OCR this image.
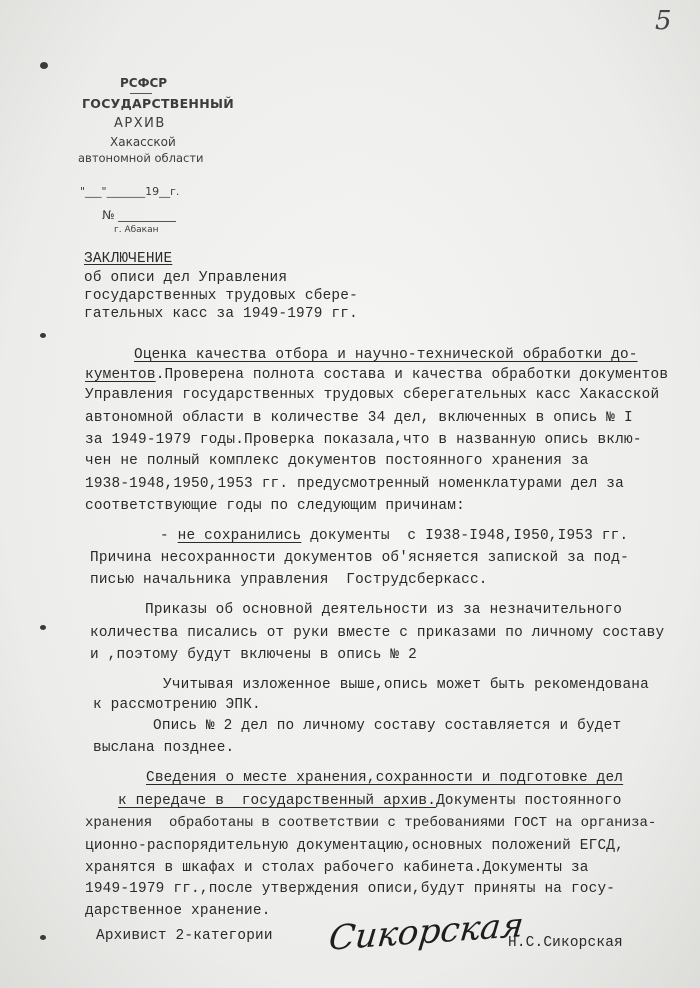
5
РСФСР
ГОСУДАРСТВЕННЫЙ
АРХИВ
Хакасской
автономной области
"___"_______19__г.
№
г. Абакан
ЗАКЛЮЧЕНИЕ
об описи дел Управления
государственных трудовых сбере-
гательных касс за 1949-1979 гг.
Оценка качества отбора и научно-технической обработки до-
кументов.Проверена полнота состава и качества обработки документов
Управления государственных трудовых сберегательных касс Хакасской
автономной области в количестве 34 дел, включенных в опись № I
за 1949-1979 годы.Проверка показала,что в названную опись вклю-
чен не полный комплекс документов постоянного хранения за
1938-1948,1950,1953 гг. предусмотренный номенклатурами дел за
соответствующие годы по следующим причинам:
- не сохранились документы  с I938-I948,I950,I953 гг.
Причина несохранности документов об'ясняется запиской за под-
писью начальника управления  Гострудсберкасс.
Приказы об основной деятельности из за незначительного
количества писались от руки вместе с приказами по личному составу
и ,поэтому будут включены в опись № 2
Учитывая изложенное выше,опись может быть рекомендована
к рассмотрению ЭПК.
Опись № 2 дел по личному составу составляется и будет
выслана позднее.
Сведения о месте хранения,сохранности и подготовке дел
к передаче в  государственный архив.Документы постоянного
хранения  обработаны в соответствии с требованиями ГОСТ на организа-
ционно-распорядительную документацию,основных положений ЕГСД,
хранятся в шкафах и столах рабочего кабинета.Документы за
1949-1979 гг.,после утверждения описи,будут приняты на госу-
дарственное хранение.
Архивист 2-категории Сикорская
Н.С.Сикорская
